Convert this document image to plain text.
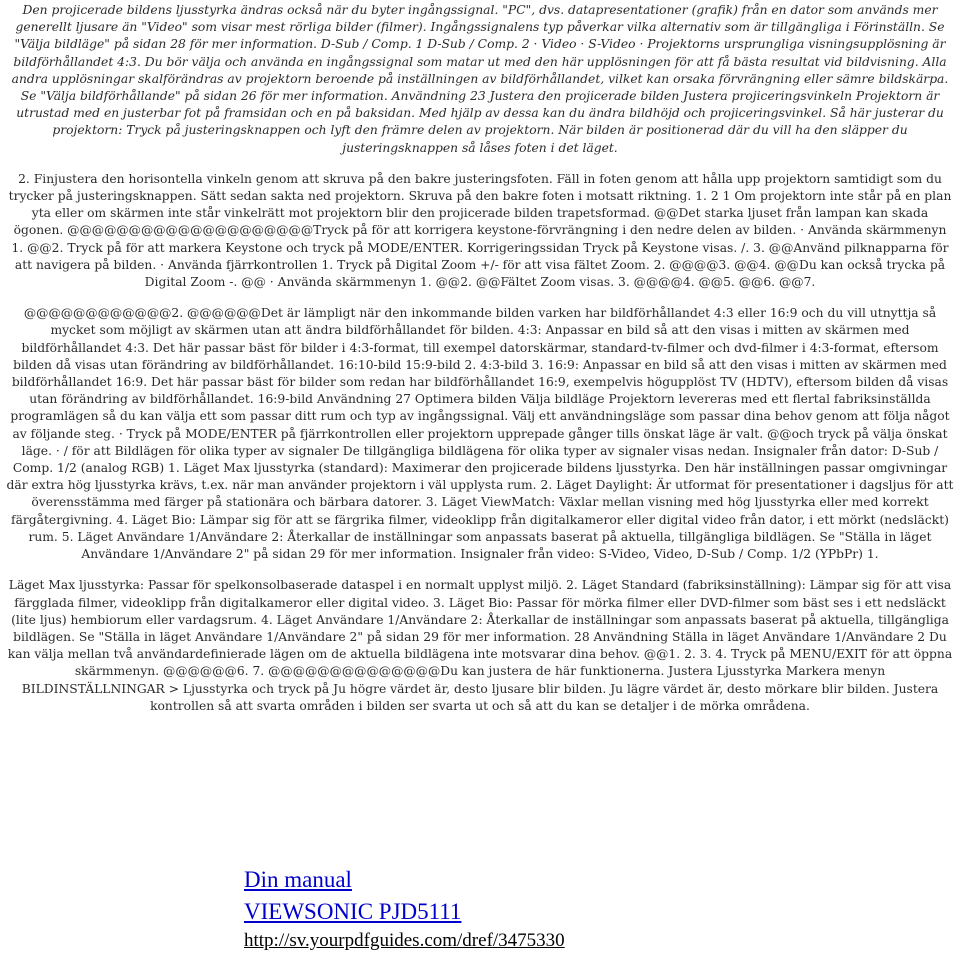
Den projicerade bildens ljusstyrka ändras också när du byter ingångssignal. "PC", dvs. datapresentationer (grafik) från en dator som används mer generellt ljusare än "Video" som visar mest rörliga bilder (filmer). Ingångssignalens typ påverkar vilka alternativ som är tillgängliga i Förinställn. Se "Välja bildläge" på sidan 28 för mer information. D-Sub / Comp. 1 D-Sub / Comp. 2 · Video · S-Video · Projektorns ursprungliga visningsupplösning är bildförhållandet 4:3. Du bör välja och använda en ingångssignal som matar ut med den här upplösningen för att få bästa resultat vid bildvisning. Alla andra upplösningar skalförändras av projektorn beroende på inställningen av bildförhållandet, vilket kan orsaka förvrängning eller sämre bildskärpa. Se "Välja bildförhållande" på sidan 26 för mer information. Användning 23 Justera den projicerade bilden Justera projiceringsvinkeln Projektorn är utrustad med en justerbar fot på framsidan och en på baksidan. Med hjälp av dessa kan du ändra bildhöjd och projiceringsvinkel. Så här justerar du projektorn: Tryck på justeringsknappen och lyft den främre delen av projektorn. När bilden är positionerad där du vill ha den släpper du justeringsknappen så låses foten i det läget.

2. Finjustera den horisontella vinkeln genom att skruva på den bakre justeringsfoten. Fäll in foten genom att hålla upp projektorn samtidigt som du trycker på justeringsknappen. Sätt sedan sakta ned projektorn. Skruva på den bakre foten i motsatt riktning. 1. 2 1 Om projektorn inte står på en plan yta eller om skärmen inte står vinkelrätt mot projektorn blir den projicerade bilden trapetsformad. @@Det starka ljuset från lampan kan skada ögonen. @@@@@@@@@@@@@@@@@@@@Tryck på för att korrigera keystone-förvrängning i den nedre delen av bilden. · Använda skärmmenyn 1. @@2. Tryck på för att markera Keystone och tryck på MODE/ENTER. Korrigeringssidan Tryck på Keystone visas. /. 3. @@Använd pilknapparna för att navigera på bilden. · Använda fjärrkontrollen 1. Tryck på Digital Zoom +/- för att visa fältet Zoom. 2. @@@@3. @@4. @@Du kan också trycka på Digital Zoom -. @@ · Använda skärmmenyn 1. @@2. @@Fältet Zoom visas. 3. @@@@4. @@5. @@6. @@7.

@@@@@@@@@@@@2. @@@@@@Det är lämpligt när den inkommande bilden varken har bildförhållandet 4:3 eller 16:9 och du vill utnyttja så mycket som möjligt av skärmen utan att ändra bildförhållandet för bilden. 4:3: Anpassar en bild så att den visas i mitten av skärmen med bildförhållandet 4:3. Det här passar bäst för bilder i 4:3-format, till exempel datorskärmar, standard-tv-filmer och dvd-filmer i 4:3-format, eftersom bilden då visas utan förändring av bildförhållandet. 16:10-bild 15:9-bild 2. 4:3-bild 3. 16:9: Anpassar en bild så att den visas i mitten av skärmen med bildförhållandet 16:9. Det här passar bäst för bilder som redan har bildförhållandet 16:9, exempelvis högupplöst TV (HDTV), eftersom bilden då visas utan förändring av bildförhållandet. 16:9-bild Användning 27 Optimera bilden Välja bildläge Projektorn levereras med ett flertal fabriksinställda programlägen så du kan välja ett som passar ditt rum och typ av ingångssignal. Välj ett användningsläge som passar dina behov genom att följa något av följande steg. · Tryck på MODE/ENTER på fjärrkontrollen eller projektorn upprepade gånger tills önskat läge är valt. @@och tryck på välja önskat läge. · / för att Bildlägen för olika typer av signaler De tillgängliga bildlägena för olika typer av signaler visas nedan. Insignaler från dator: D-Sub / Comp. 1/2 (analog RGB) 1. Läget Max ljusstyrka (standard): Maximerar den projicerade bildens ljusstyrka. Den här inställningen passar omgivningar där extra hög ljusstyrka krävs, t.ex. när man använder projektorn i väl upplysta rum. 2. Läget Daylight: Är utformat för presentationer i dagsljus för att överensstämma med färger på stationära och bärbara datorer. 3. Läget ViewMatch: Växlar mellan visning med hög ljusstyrka eller med korrekt färgåtergivning. 4. Läget Bio: Lämpar sig för att se färgrika filmer, videoklipp från digitalkameror eller digital video från dator, i ett mörkt (nedsläckt) rum. 5. Läget Användare 1/Användare 2: Återkallar de inställningar som anpassats baserat på aktuella, tillgängliga bildlägen. Se "Ställa in läget Användare 1/Användare 2" på sidan 29 för mer information. Insignaler från video: S-Video, Video, D-Sub / Comp. 1/2 (YPbPr) 1.

Läget Max ljusstyrka: Passar för spelkonsolbaserade dataspel i en normalt upplyst miljö. 2. Läget Standard (fabriksinställning): Lämpar sig för att visa färgglada filmer, videoklipp från digitalkameror eller digital video. 3. Läget Bio: Passar för mörka filmer eller DVD-filmer som bäst ses i ett nedsläckt (lite ljus) hembiorum eller vardagsrum. 4. Läget Användare 1/Användare 2: Återkallar de inställningar som anpassats baserat på aktuella, tillgängliga bildlägen. Se "Ställa in läget Användare 1/Användare 2" på sidan 29 för mer information. 28 Användning Ställa in läget Användare 1/Användare 2 Du kan välja mellan två användardefinierade lägen om de aktuella bildlägena inte motsvarar dina behov. @@1. 2. 3. 4. Tryck på MENU/EXIT för att öppna skärmmenyn. @@@@@@6. 7. @@@@@@@@@@@@@@Du kan justera de här funktionerna. Justera Ljusstyrka Markera menyn BILDINSTÄLLNINGAR > Ljusstyrka och tryck på Ju högre värdet är, desto ljusare blir bilden. Ju lägre värdet är, desto mörkare blir bilden. Justera kontrollen så att svarta områden i bilden ser svarta ut och så att du kan se detaljer i de mörka områdena.

Din manual
VIEWSONIC PJD5111
http://sv.yourpdfguides.com/dref/3475330
